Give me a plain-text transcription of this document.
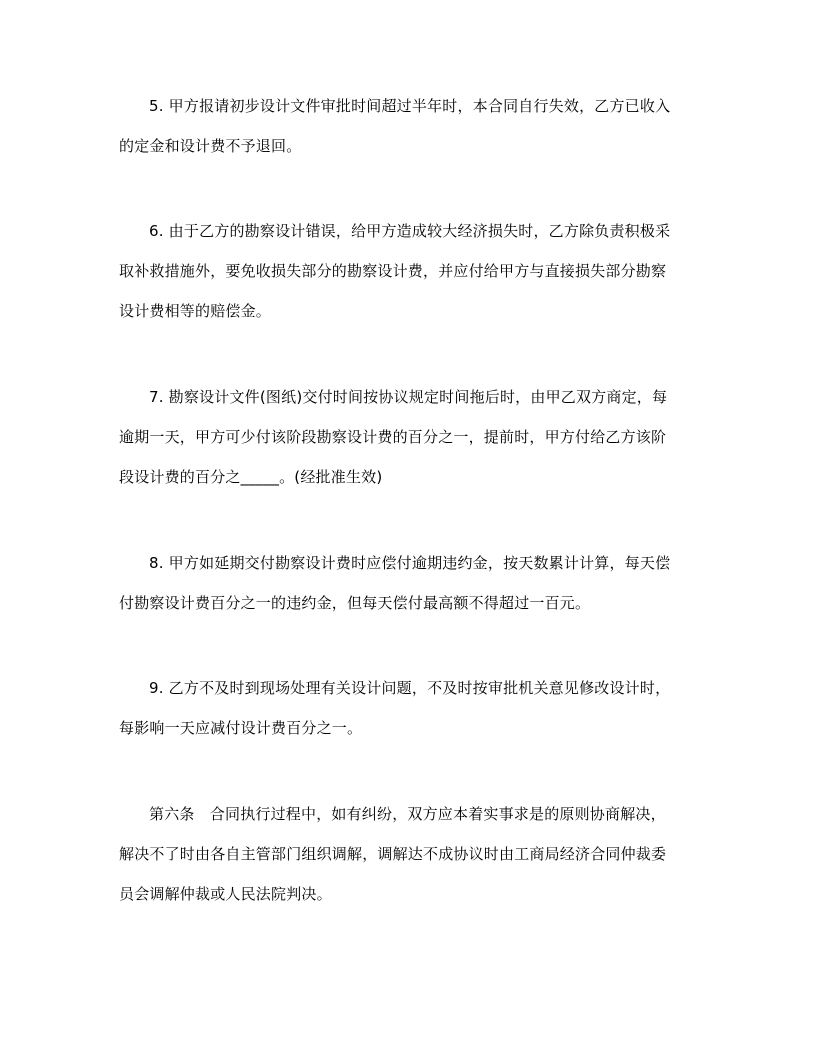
5. 甲方报请初步设计文件审批时间超过半年时，本合同自行失效，乙方已收入
的定金和设计费不予退回。

6. 由于乙方的勘察设计错误，给甲方造成较大经济损失时，乙方除负责积极采
取补救措施外，要免收损失部分的勘察设计费，并应付给甲方与直接损失部分勘察
设计费相等的赔偿金。

7. 勘察设计文件(图纸)交付时间按协议规定时间拖后时，由甲乙双方商定，每
逾期一天，甲方可少付该阶段勘察设计费的百分之一，提前时，甲方付给乙方该阶
段设计费的百分之_____。(经批准生效)

8. 甲方如延期交付勘察设计费时应偿付逾期违约金，按天数累计计算，每天偿
付勘察设计费百分之一的违约金，但每天偿付最高额不得超过一百元。

9. 乙方不及时到现场处理有关设计问题，不及时按审批机关意见修改设计时，
每影响一天应减付设计费百分之一。

第六条　合同执行过程中，如有纠纷，双方应本着实事求是的原则协商解决，
解决不了时由各自主管部门组织调解，调解达不成协议时由工商局经济合同仲裁委
员会调解仲裁或人民法院判决。
